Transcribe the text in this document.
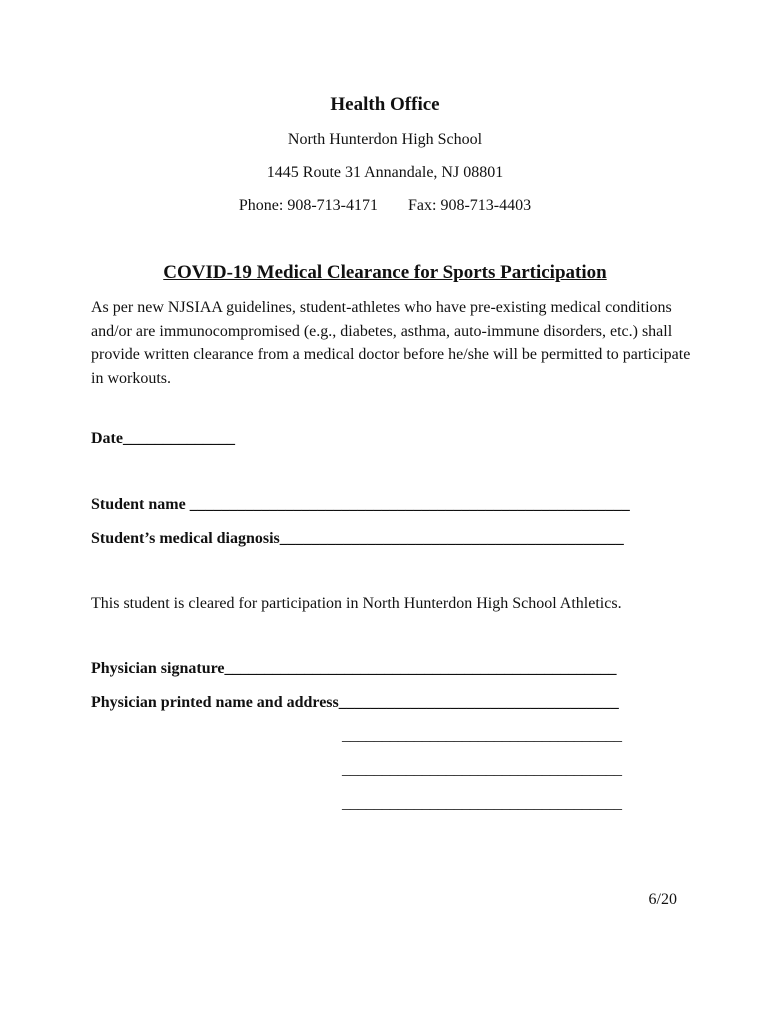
Health Office
North Hunterdon High School
1445 Route 31 Annandale, NJ 08801
Phone: 908-713-4171 Fax: 908-713-4403
COVID-19 Medical Clearance for Sports Participation
As per new NJSIAA guidelines, student-athletes who have pre-existing medical conditions and/or are immunocompromised (e.g., diabetes, asthma, auto-immune disorders, etc.) shall provide written clearance from a medical doctor before he/she will be permitted to participate in workouts.
Date______________
Student name _______________________________________________________
Student’s medical diagnosis___________________________________________
This student is cleared for participation in North Hunterdon High School Athletics.
Physician signature_________________________________________________
Physician printed name and address___________________________________
___________________________________
___________________________________
___________________________________
6/20
